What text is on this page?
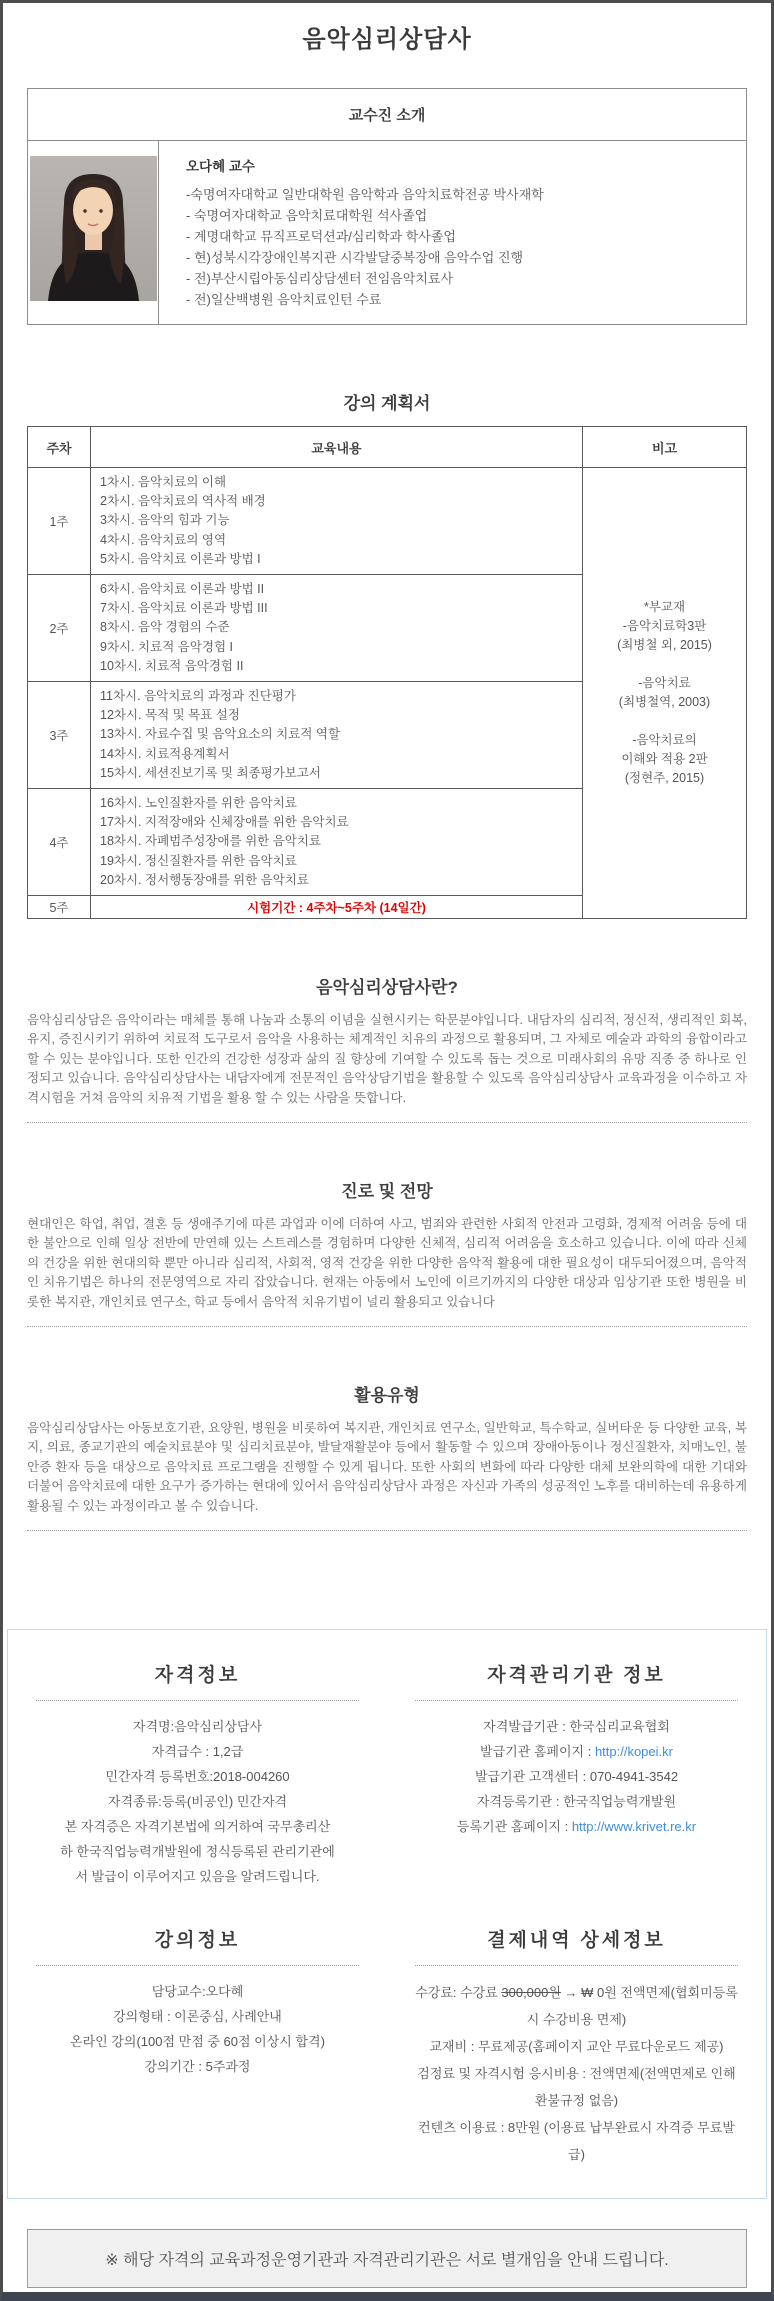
음악심리상담사
교수진 소개

오다혜 교수
-숙명여자대학교 일반대학원 음악학과 음악치료학전공 박사재학
- 숙명여자대학교 음악치료대학원 석사졸업
- 계명대학교 뮤직프로덕션과/심리학과 학사졸업
- 현)성북시각장애인복지관 시각발달중복장애 음악수업 진행
- 전)부산시립아동심리상담센터 전임음악치료사
- 전)일산백병원 음악치료인턴 수료
강의 계획서
주차	교육내용	비고
1주	
1차시. 음악치료의 이해
2차시. 음악치료의 역사적 배경
3차시. 음악의 힘과 기능
4차시. 음악치료의 영역
5차시. 음악치료 이론과 방법 I

*부교재
-음악치료학3판
(최병철 외, 2015)
-음악치료
(최병철역, 2003)
-음악치료의
이해와 적용 2판
(정현주, 2015)

2주	6차시. 음악치료 이론과 방법 II
7차시. 음악치료 이론과 방법 III
8차시. 음악 경험의 수준
9차시. 치료적 음악경험 I
10차시. 치료적 음악경험 II	

3주	11차시. 음악치료의 과정과 진단평가
12차시. 목적 및 목표 설정
13차시. 자료수집 및 음악요소의 치료적 역할
14차시. 치료적용계획서
15차시. 세션진보기록 및 최종평가보고서	

4주	16차시. 노인질환자를 위한 음악치료
17차시. 지적장애와 신체장애를 위한 음악치료
18차시. 자폐범주성장애를 위한 음악치료
19차시. 정신질환자를 위한 음악치료
20차시. 정서행동장애를 위한 음악치료	

5주	시험기간 : 4주차~5주차 (14일간)	
음악심리상담사란?

음악심리상담은 음악이라는 매체를 통해 나눔과 소통의 이념을 실현시키는 학문분야입니다. 내담자의 심리적, 정신적, 생리적인 회복, 유지, 증진시키기 위하여 치료적 도구로서 음악을 사용하는 체계적인 치유의 과정으로 활용되며, 그 자체로 예술과 과학의 융합이라고 할 수 있는 분야입니다. 또한 인간의 건강한 성장과 삶의 질 향상에 기여할 수 있도록 돕는 것으로 미래사회의 유망 직종 중 하나로 인정되고 있습니다. 음악심리상담사는 내담자에게 전문적인 음악상담기법을 활용할 수 있도록 음악심리상담사 교육과정을 이수하고 자격시험을 거쳐 음악의 치유적 기법을 활용 할 수 있는 사람을 뜻합니다.

진로 및 전망

현대인은 학업, 취업, 결혼 등 생애주기에 따른 과업과 이에 더하여 사고, 범죄와 관련한 사회적 안전과 고령화, 경제적 어려움 등에 대한 불안으로 인해 일상 전반에 만연해 있는 스트레스를 경험하며 다양한 신체적, 심리적 어려움을 호소하고 있습니다. 이에 따라 신체의 건강을 위한 현대의학 뿐만 아니라 심리적, 사회적, 영적 건강을 위한 다양한 음악적 활용에 대한 필요성이 대두되어졌으며, 음악적인 치유기법은 하나의 전문영역으로 자리 잡았습니다. 현재는 아동에서 노인에 이르기까지의 다양한 대상과 임상기관 또한 병원을 비롯한 복지관, 개인치료 연구소, 학교 등에서 음악적 치유기법이 널리 활용되고 있습니다

활용유형

음악심리상담사는 아동보호기관, 요양원, 병원을 비롯하여 복지관, 개인치료 연구소, 일반학교, 특수학교, 실버타운 등 다양한 교육, 복지, 의료, 종교기관의 예술치료분야 및 심리치료분야, 발달재활분야 등에서 활동할 수 있으며 장애아동이나 정신질환자, 치매노인, 불안증 환자 등을 대상으로 음악치료 프로그램을 진행할 수 있게 됩니다. 또한 사회의 변화에 따라 다양한 대체 보완의학에 대한 기대와 더불어 음악치료에 대한 요구가 증가하는 현대에 있어서 음악심리상담사 과정은 자신과 가족의 성공적인 노후를 대비하는데 유용하게 활용될 수 있는 과정이라고 볼 수 있습니다.

자격정보
자격명:음악심리상담사
자격급수 : 1,2급
민간자격 등록번호:2018-004260
자격종류:등록(비공인) 민간자격
본 자격증은 자격기본법에 의거하여 국무총리산
하 한국직업능력개발원에 정식등록된 관리기관에
서 발급이 이루어지고 있음을 알려드립니다.
자격관리기관 정보
자격발급기관 : 한국심리교육협회
발급기관 홈페이지 : http://kopei.kr
발급기관 고객센터 : 070-4941-3542
자격등록기관 : 한국직업능력개발원
등록기관 홈페이지 : http://www.krivet.re.kr
강의정보
담당교수:오다혜
강의형태 : 이론중심, 사례안내
온라인 강의(100점 만점 중 60점 이상시 합격)
강의기간 : 5주과정
결제내역 상세정보
수강료: 수강료 300,000원 → ₩ 0원 전액면제(협회미등록시 수강비용 면제)
교재비 : 무료제공(홈페이지 교안 무료다운로드 제공)
검정료 및 자격시험 응시비용 : 전액면제(전액면제로 인해 환불규정 없음)
컨텐츠 이용료 : 8만원 (이용료 납부완료시 자격증 무료발급)
※ 해당 자격의 교육과정운영기관과 자격관리기관은 서로 별개임을 안내 드립니다.
